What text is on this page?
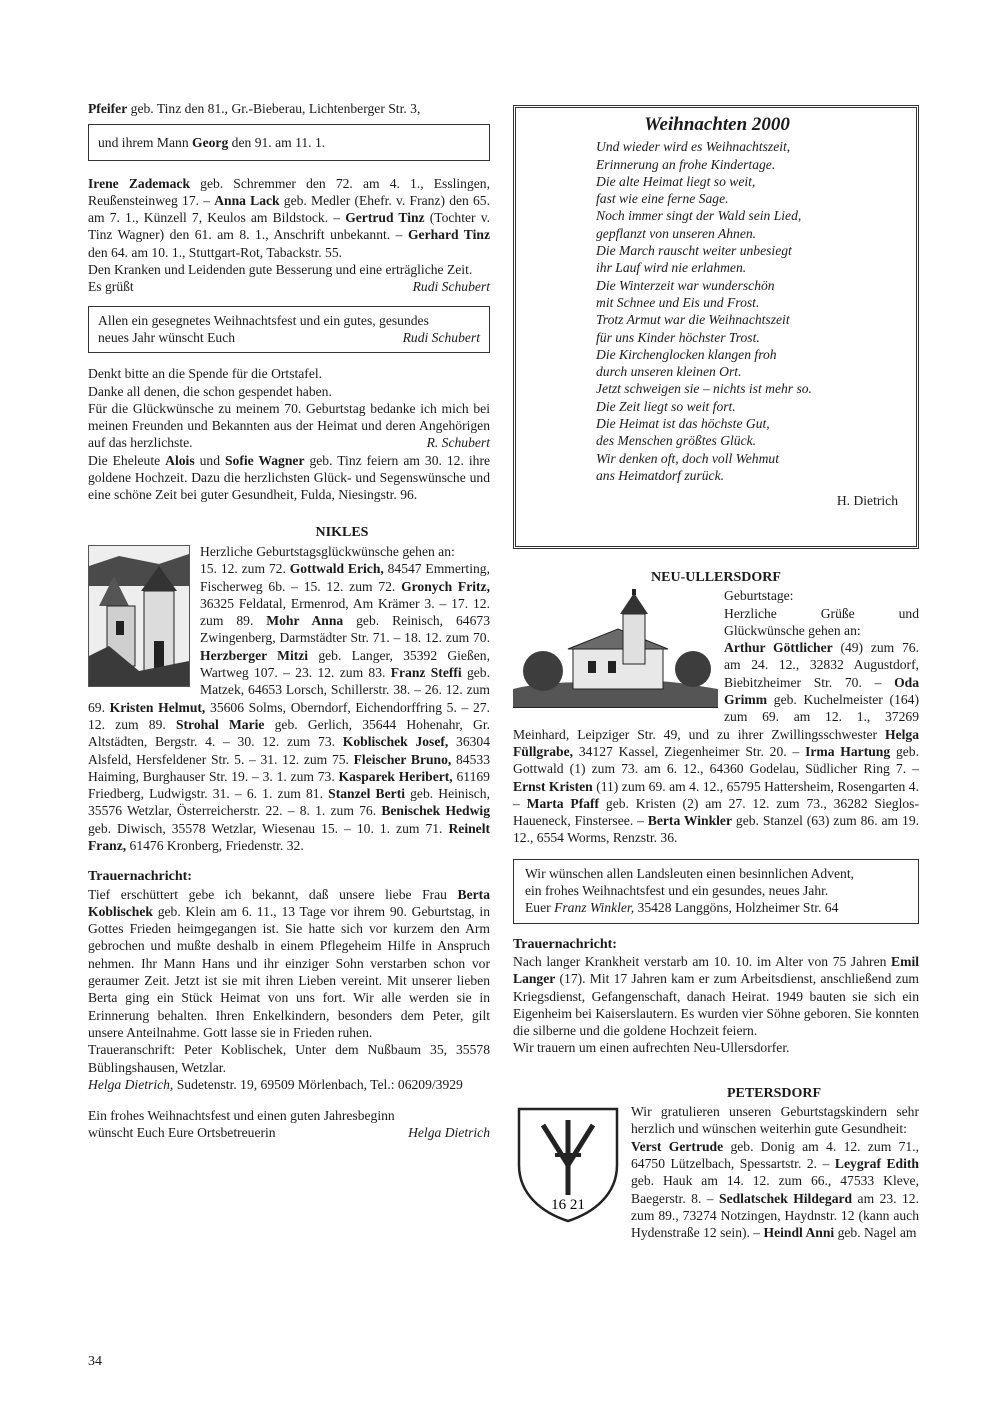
Pfeifer geb. Tinz den 81., Gr.-Bieberau, Lichtenberger Str. 3,

und ihrem Mann Georg den 91. am 11. 1.

Irene Zademack geb. Schremmer den 72. am 4. 1., Esslingen, Reußensteinweg 17. – Anna Lack geb. Medler (Ehefr. v. Franz) den 65. am 7. 1., Künzell 7, Keulos am Bildstock. – Gertrud Tinz (Tochter v. Tinz Wagner) den 61. am 8. 1., Anschrift unbekannt. – Gerhard Tinz den 64. am 10. 1., Stuttgart-Rot, Tabackstr. 55.

Den Kranken und Leidenden gute Besserung und eine erträgliche Zeit.

Es grüßt	Rudi Schubert

Allen ein gesegnetes Weihnachtsfest und ein gutes, gesundes

neues Jahr wünscht Euch	Rudi Schubert

Denkt bitte an die Spende für die Ortstafel.

Danke all denen, die schon gespendet haben.

Für die Glückwünsche zu meinem 70. Geburtstag bedanke ich mich bei meinen Freunden und Bekannten aus der Heimat und deren Angehörigen auf das herzlichste.	R. Schubert

Die Eheleute Alois und Sofie Wagner geb. Tinz feiern am 30. 12. ihre goldene Hochzeit. Dazu die herzlichsten Glück- und Segenswünsche und eine schöne Zeit bei guter Gesundheit, Fulda, Niesingstr. 96.

NIKLES

Herzliche Geburtstagsglückwünsche gehen an:
15. 12. zum 72. Gottwald Erich, 84547 Emmerting, Fischerweg 6b. – 15. 12. zum 72. Gronych Fritz, 36325 Feldatal, Ermenrod, Am Krämer 3. – 17. 12. zum 89. Mohr Anna geb. Reinisch, 64673 Zwingenberg, Darmstädter Str. 71. – 18. 12. zum 70. Herzberger Mitzi geb. Langer, 35392 Gießen, Wartweg 107. – 23. 12. zum 83. Franz Steffi geb. Matzek, 64653 Lorsch, Schillerstr. 38. – 26. 12. zum 69. Kristen Helmut, 35606 Solms, Oberndorf, Eichendorffring 5. – 27. 12. zum 89. Strohal Marie geb. Gerlich, 35644 Hohenahr, Gr. Altstädten, Bergstr. 4. – 30. 12. zum 73. Koblischek Josef, 36304 Alsfeld, Hersfeldener Str. 5. – 31. 12. zum 75. Fleischer Bruno, 84533 Haiming, Burghauser Str. 19. – 3. 1. zum 73. Kasparek Heribert, 61169 Friedberg, Ludwigstr. 31. – 6. 1. zum 81. Stanzel Berti geb. Heinisch, 35576 Wetzlar, Österreicherstr. 22. – 8. 1. zum 76. Benischek Hedwig geb. Diwisch, 35578 Wetzlar, Wiesenau 15. – 10. 1. zum 71. Reinelt Franz, 61476 Kronberg, Friedenstr. 32.

Trauernachricht:

Tief erschüttert gebe ich bekannt, daß unsere liebe Frau Berta Koblischek geb. Klein am 6. 11., 13 Tage vor ihrem 90. Geburtstag, in Gottes Frieden heimgegangen ist. Sie hatte sich vor kurzem den Arm gebrochen und mußte deshalb in einem Pflegeheim Hilfe in Anspruch nehmen. Ihr Mann Hans und ihr einziger Sohn verstarben schon vor geraumer Zeit. Jetzt ist sie mit ihren Lieben vereint. Mit unserer lieben Berta ging ein Stück Heimat von uns fort. Wir alle werden sie in Erinnerung behalten. Ihren Enkelkindern, besonders dem Peter, gilt unsere Anteilnahme. Gott lasse sie in Frieden ruhen.

Traueranschrift: Peter Koblischek, Unter dem Nußbaum 35, 35578 Büblingshausen, Wetzlar.

Helga Dietrich, Sudetenstr. 19, 69509 Mörlenbach, Tel.: 06209/3929

Ein frohes Weihnachtsfest und einen guten Jahresbeginn

wünscht Euch Eure Ortsbetreuerin	Helga Dietrich
Weihnachten 2000
Und wieder wird es Weihnachtszeit,
Erinnerung an frohe Kindertage.
Die alte Heimat liegt so weit,
fast wie eine ferne Sage.
Noch immer singt der Wald sein Lied,
gepflanzt von unseren Ahnen.
Die March rauscht weiter unbesiegt
ihr Lauf wird nie erlahmen.
Die Winterzeit war wunderschön
mit Schnee und Eis und Frost.
Trotz Armut war die Weihnachtszeit
für uns Kinder höchster Trost.
Die Kirchenglocken klangen froh
durch unseren kleinen Ort.
Jetzt schweigen sie – nichts ist mehr so.
Die Zeit liegt so weit fort.
Die Heimat ist das höchste Gut,
des Menschen größtes Glück.
Wir denken oft, doch voll Wehmut
ans Heimatdorf zurück.
H. Dietrich
NEU-ULLERSDORF

Geburtstage:
Herzliche Grüße und Glückwünsche gehen an:
Arthur Göttlicher (49) zum 76. am 24. 12., 32832 Augustdorf, Biebitzheimer Str. 70. – Oda Grimm geb. Kuchelmeister (164) zum 69. am 12. 1., 37269 Meinhard, Leipziger Str. 49, und zu ihrer Zwillingsschwester Helga Füllgrabe, 34127 Kassel, Ziegenheimer Str. 20. – Irma Hartung geb. Gottwald (1) zum 73. am 6. 12., 64360 Godelau, Südlicher Ring 7. – Ernst Kristen (11) zum 69. am 4. 12., 65795 Hattersheim, Rosengarten 4. – Marta Pfaff geb. Kristen (2) am 27. 12. zum 73., 36282 Sieglos-Haueneck, Finstersee. – Berta Winkler geb. Stanzel (63) zum 86. am 19. 12., 6554 Worms, Renzstr. 36.

Wir wünschen allen Landsleuten einen besinnlichen Advent,

ein frohes Weihnachtsfest und ein gesundes, neues Jahr.

Euer Franz Winkler, 35428 Langgöns, Holzheimer Str. 64

Trauernachricht:

Nach langer Krankheit verstarb am 10. 10. im Alter von 75 Jahren Emil Langer (17). Mit 17 Jahren kam er zum Arbeitsdienst, anschließend zum Kriegsdienst, Gefangenschaft, danach Heirat. 1949 bauten sie sich ein Eigenheim bei Kaiserslautern. Es wurden vier Söhne geboren. Sie konnten die silberne und die goldene Hochzeit feiern.

Wir trauern um einen aufrechten Neu-Ullersdorfer.

PETERSDORF
16 21

Wir gratulieren unseren Geburtstagskindern sehr herzlich und wünschen weiterhin gute Gesundheit:
Verst Gertrude geb. Donig am 4. 12. zum 71., 64750 Lützelbach, Spessartstr. 2. – Leygraf Edith geb. Hauk am 14. 12. zum 66., 47533 Kleve, Baegerstr. 8. – Sedlatschek Hildegard am 23. 12. zum 89., 73274 Notzingen, Haydnstr. 12 (kann auch Hydenstraße 12 sein). – Heindl Anni geb. Nagel am

34
